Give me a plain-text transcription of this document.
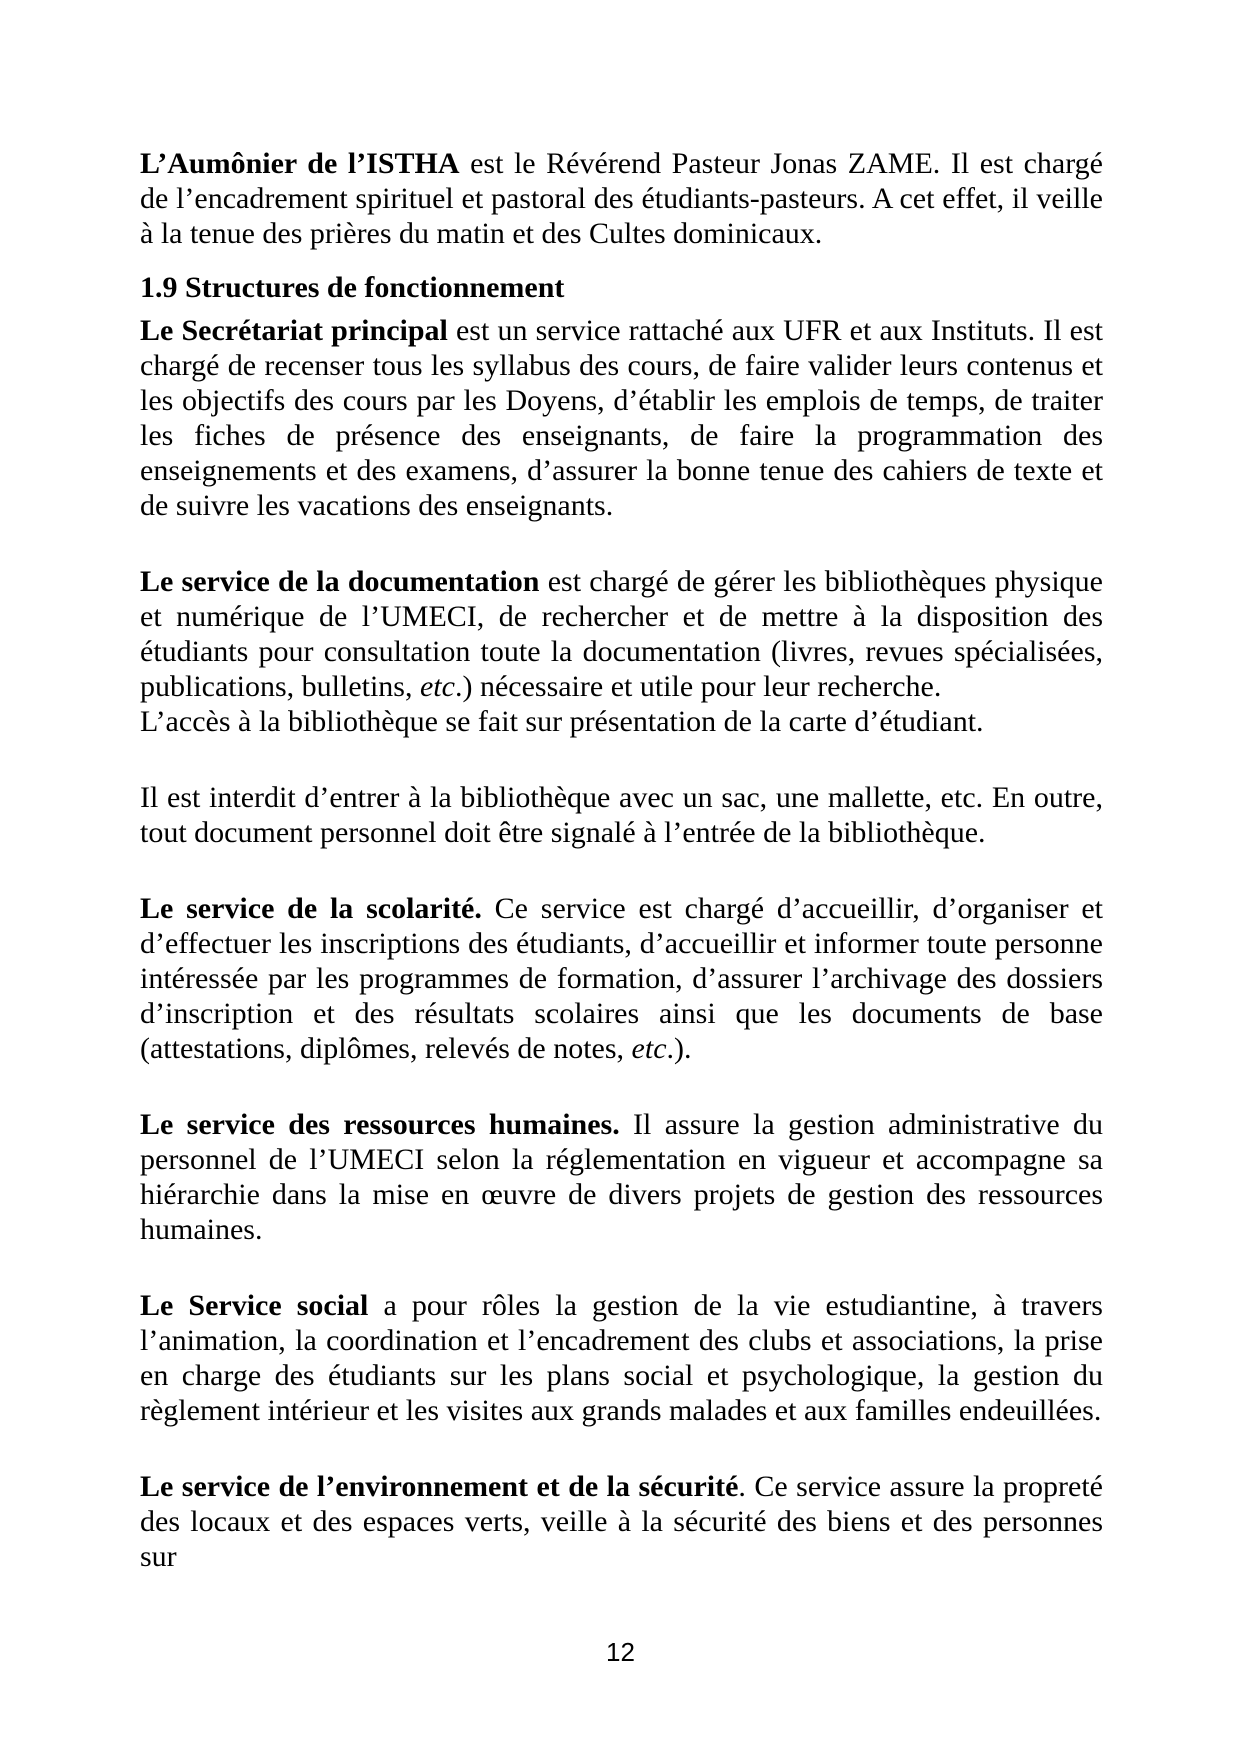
L’Aumônier de l’ISTHA est le Révérend Pasteur Jonas ZAME. Il est chargé de l’encadrement spirituel et pastoral des étudiants-pasteurs. A cet effet, il veille à la tenue des prières du matin et des Cultes dominicaux.

1.9 Structures de fonctionnement

Le Secrétariat principal est un service rattaché aux UFR et aux Instituts. Il est chargé de recenser tous les syllabus des cours, de faire valider leurs contenus et les objectifs des cours par les Doyens, d’établir les emplois de temps, de traiter les fiches de présence des enseignants, de faire la programmation des enseignements et des examens, d’assurer la bonne tenue des cahiers de texte et de suivre les vacations des enseignants.

Le service de la documentation est chargé de gérer les bibliothèques physique et numérique de l’UMECI, de rechercher et de mettre à la disposition des étudiants pour consultation toute la documentation (livres, revues spécialisées, publications, bulletins, etc.) nécessaire et utile pour leur recherche.
L’accès à la bibliothèque se fait sur présentation de la carte d’étudiant.

Il est interdit d’entrer à la bibliothèque avec un sac, une mallette, etc. En outre, tout document personnel doit être signalé à l’entrée de la bibliothèque.

Le service de la scolarité. Ce service est chargé d’accueillir, d’organiser et d’effectuer les inscriptions des étudiants, d’accueillir et informer toute personne intéressée par les programmes de formation, d’assurer l’archivage des dossiers d’inscription et des résultats scolaires ainsi que les documents de base (attestations, diplômes, relevés de notes, etc.).

Le service des ressources humaines. Il assure la gestion administrative du personnel de l’UMECI selon la réglementation en vigueur et accompagne sa hiérarchie dans la mise en œuvre de divers projets de gestion des ressources humaines.

Le Service social a pour rôles la gestion de la vie estudiantine, à travers l’animation, la coordination et l’encadrement des clubs et associations, la prise en charge des étudiants sur les plans social et psychologique, la gestion du règlement intérieur et les visites aux grands malades et aux familles endeuillées.

Le service de l’environnement et de la sécurité. Ce service assure la propreté des locaux et des espaces verts, veille à la sécurité des biens et des personnes sur

12
